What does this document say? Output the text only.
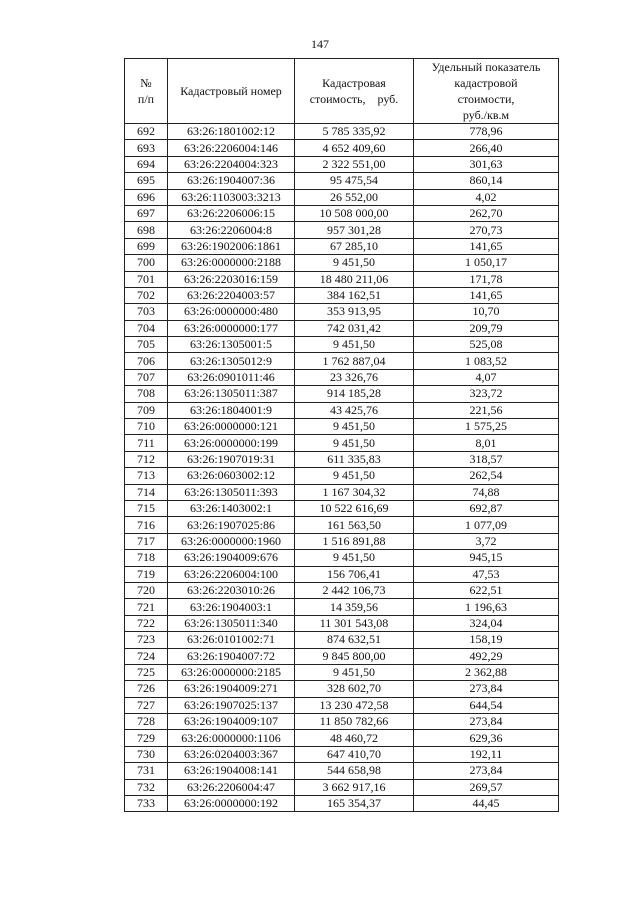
147
№
п/п	Кадастровый номер	Кадастровая
стоимость,    руб.	Удельный показатель
кадастровой
стоимости,
руб./кв.м

692	63:26:1801002:12	5 785 335,92	778,96
693	63:26:2206004:146	4 652 409,60	266,40
694	63:26:2204004:323	2 322 551,00	301,63
695	63:26:1904007:36	95 475,54	860,14
696	63:26:1103003:3213	26 552,00	4,02
697	63:26:2206006:15	10 508 000,00	262,70
698	63:26:2206004:8	957 301,28	270,73
699	63:26:1902006:1861	67 285,10	141,65
700	63:26:0000000:2188	9 451,50	1 050,17
701	63:26:2203016:159	18 480 211,06	171,78
702	63:26:2204003:57	384 162,51	141,65
703	63:26:0000000:480	353 913,95	10,70
704	63:26:0000000:177	742 031,42	209,79
705	63:26:1305001:5	9 451,50	525,08
706	63:26:1305012:9	1 762 887,04	1 083,52
707	63:26:0901011:46	23 326,76	4,07
708	63:26:1305011:387	914 185,28	323,72
709	63:26:1804001:9	43 425,76	221,56
710	63:26:0000000:121	9 451,50	1 575,25
711	63:26:0000000:199	9 451,50	8,01
712	63:26:1907019:31	611 335,83	318,57
713	63:26:0603002:12	9 451,50	262,54
714	63:26:1305011:393	1 167 304,32	74,88
715	63:26:1403002:1	10 522 616,69	692,87
716	63:26:1907025:86	161 563,50	1 077,09
717	63:26:0000000:1960	1 516 891,88	3,72
718	63:26:1904009:676	9 451,50	945,15
719	63:26:2206004:100	156 706,41	47,53
720	63:26:2203010:26	2 442 106,73	622,51
721	63:26:1904003:1	14 359,56	1 196,63
722	63:26:1305011:340	11 301 543,08	324,04
723	63:26:0101002:71	874 632,51	158,19
724	63:26:1904007:72	9 845 800,00	492,29
725	63:26:0000000:2185	9 451,50	2 362,88
726	63:26:1904009:271	328 602,70	273,84
727	63:26:1907025:137	13 230 472,58	644,54
728	63:26:1904009:107	11 850 782,66	273,84
729	63:26:0000000:1106	48 460,72	629,36
730	63:26:0204003:367	647 410,70	192,11
731	63:26:1904008:141	544 658,98	273,84
732	63:26:2206004:47	3 662 917,16	269,57
733	63:26:0000000:192	165 354,37	44,45
